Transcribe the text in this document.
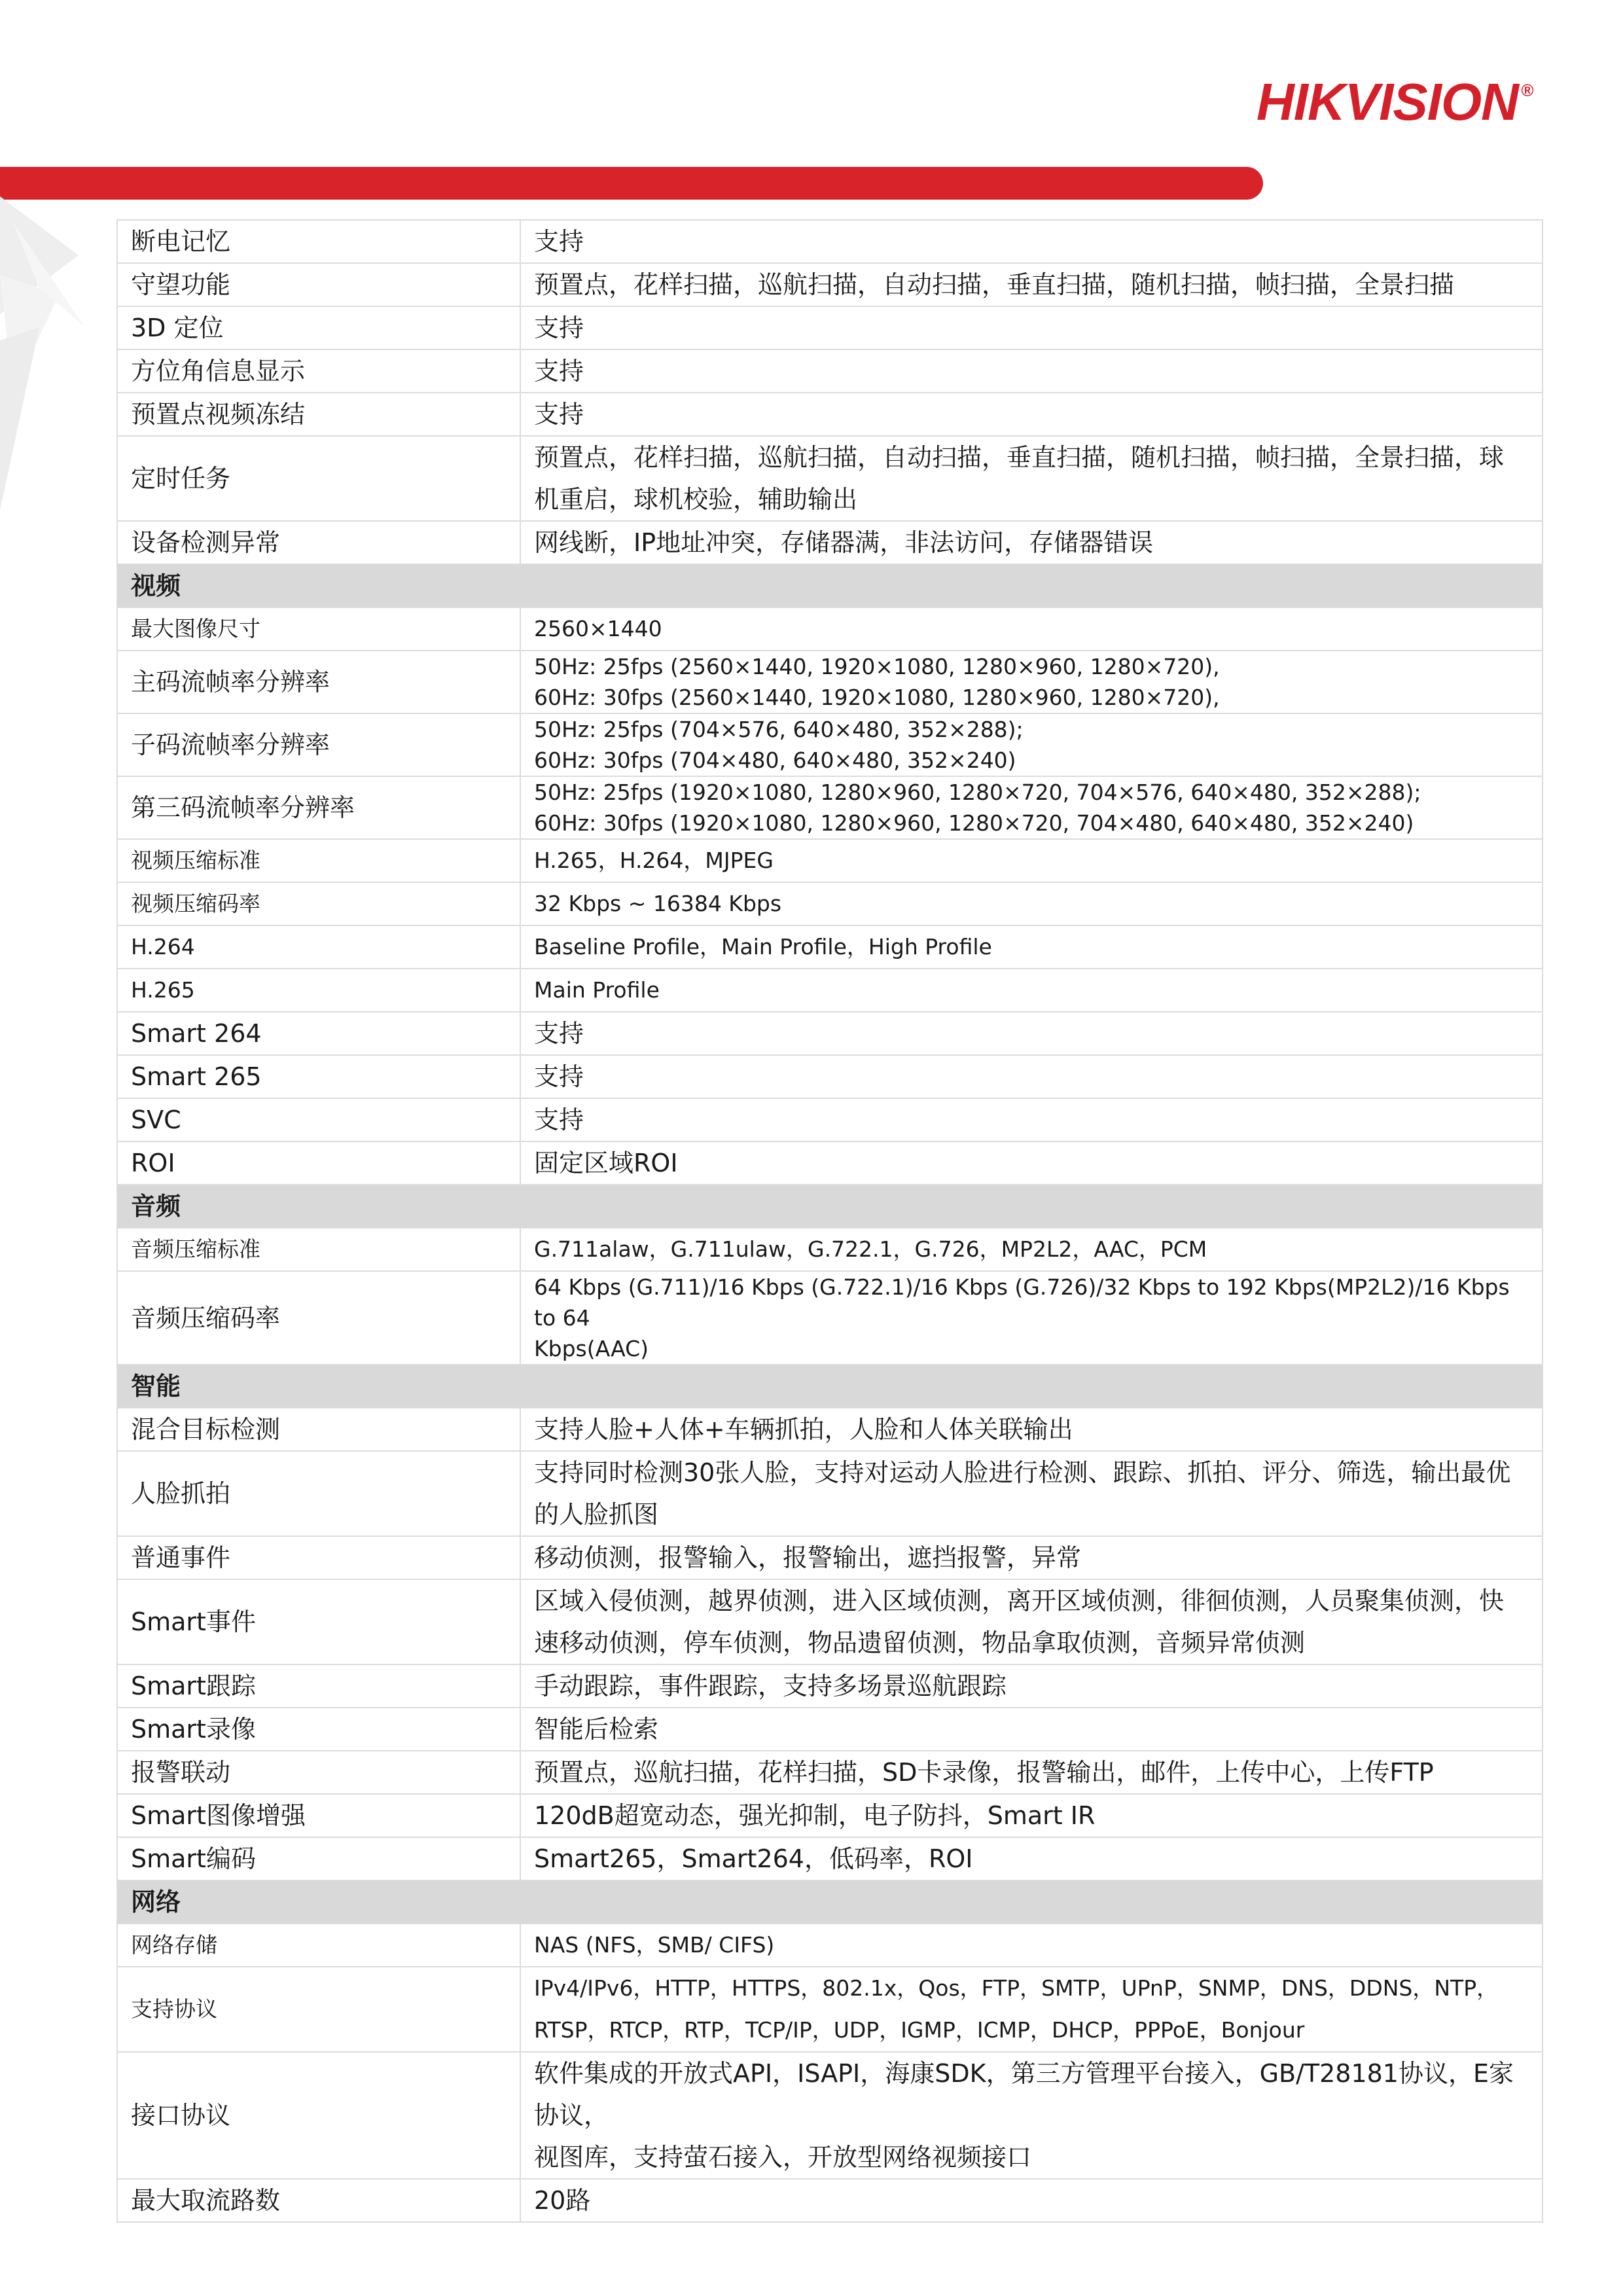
HIKVISION ®
断电记忆	支持
守望功能	预置点，花样扫描，巡航扫描，自动扫描，垂直扫描，随机扫描，帧扫描，全景扫描
3D 定位	支持
方位角信息显示	支持
预置点视频冻结	支持
定时任务	预置点，花样扫描，巡航扫描，自动扫描，垂直扫描，随机扫描，帧扫描，全景扫描，球
机重启，球机校验，辅助输出

设备检测异常	网线断，IP地址冲突，存储器满，非法访问，存储器错误
视频	
最大图像尺寸	2560×1440
主码流帧率分辨率	50Hz: 25fps (2560×1440, 1920×1080, 1280×960, 1280×720),
60Hz: 30fps (2560×1440, 1920×1080, 1280×960, 1280×720),

子码流帧率分辨率	50Hz: 25fps (704×576, 640×480, 352×288);
60Hz: 30fps (704×480, 640×480, 352×240)

第三码流帧率分辨率	50Hz: 25fps (1920×1080, 1280×960, 1280×720, 704×576, 640×480, 352×288);
60Hz: 30fps (1920×1080, 1280×960, 1280×720, 704×480, 640×480, 352×240)

视频压缩标准	H.265，H.264，MJPEG
视频压缩码率	32 Kbps ~ 16384 Kbps
H.264	Baseline Profile，Main Profile，High Profile
H.265	Main Profile
Smart 264	支持
Smart 265	支持
SVC	支持
ROI	固定区域ROI
音频	
音频压缩标准	G.711alaw，G.711ulaw，G.722.1，G.726，MP2L2，AAC，PCM
音频压缩码率	64 Kbps (G.711)/16 Kbps (G.722.1)/16 Kbps (G.726)/32 Kbps to 192 Kbps(MP2L2)/16 Kbps to 64
Kbps(AAC)

智能	
混合目标检测	支持人脸+人体+车辆抓拍，人脸和人体关联输出
人脸抓拍	支持同时检测30张人脸，支持对运动人脸进行检测、跟踪、抓拍、评分、筛选，输出最优
的人脸抓图

普通事件	移动侦测，报警输入，报警输出，遮挡报警，异常
Smart事件	区域入侵侦测，越界侦测，进入区域侦测，离开区域侦测，徘徊侦测，人员聚集侦测，快
速移动侦测，停车侦测，物品遗留侦测，物品拿取侦测，音频异常侦测

Smart跟踪	手动跟踪，事件跟踪，支持多场景巡航跟踪
Smart录像	智能后检索
报警联动	预置点，巡航扫描，花样扫描，SD卡录像，报警输出，邮件，上传中心，上传FTP
Smart图像增强	120dB超宽动态，强光抑制，电子防抖，Smart IR
Smart编码	Smart265，Smart264，低码率，ROI
网络	
网络存储	NAS (NFS，SMB/ CIFS)
支持协议	IPv4/IPv6，HTTP，HTTPS，802.1x，Qos，FTP，SMTP，UPnP，SNMP，DNS，DDNS，NTP，
RTSP，RTCP，RTP，TCP/IP，UDP，IGMP，ICMP，DHCP，PPPoE，Bonjour

接口协议	软件集成的开放式API，ISAPI，海康SDK，第三方管理平台接入，GB/T28181协议，E家协议，
视图库，支持萤石接入，开放型网络视频接口

最大取流路数	20路
